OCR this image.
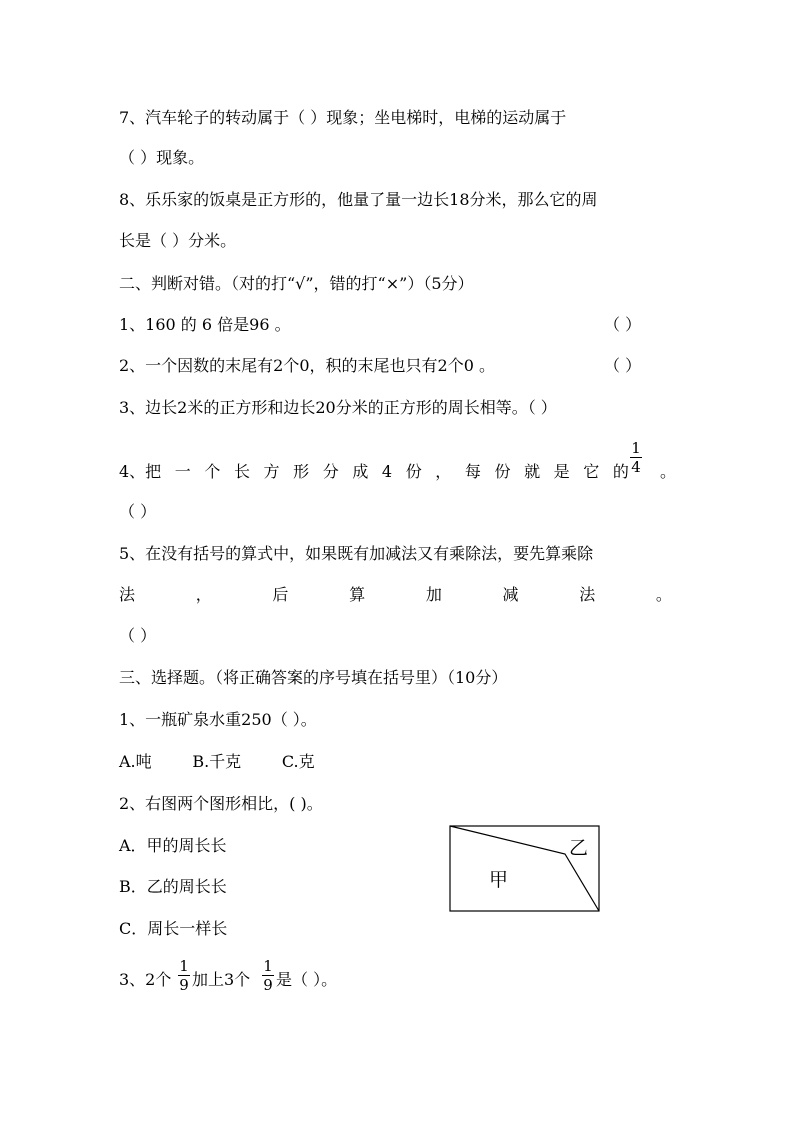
7、汽车轮子的转动属于（ ）现象；坐电梯时，电梯的运动属于
（ ）现象。
8、乐乐家的饭桌是正方形的，他量了量一边长18分米，那么它的周
长是（ ）分米。
二、判断对错。（对的打“√”，错的打“×”）（5分）
1、160 的 6 倍是96 。	（ ）
2、一个因数的末尾有2个0，积的末尾也只有2个0 。	（ ）
3、边长2米的正方形和边长20分米的正方形的周长相等。（ ）
4、把 一 个 长 方 形 分 成 4 份 ， 每 份 就 是 它 的
1
4 。
（ ）
5、在没有括号的算式中，如果既有加减法又有乘除法，要先算乘除
法	，	后	算	加	减	法	。
（ ）
三、选择题。（将正确答案的序号填在括号里）（10分）
1、一瓶矿泉水重250（ ）。
A.吨        B.千克        C.克
2、右图两个图形相比，( )。
A．甲的周长长
B．乙的周长长
C．周长一样长
甲
乙
3、2个
1
9 加上3个
1
9 是（ ）。
